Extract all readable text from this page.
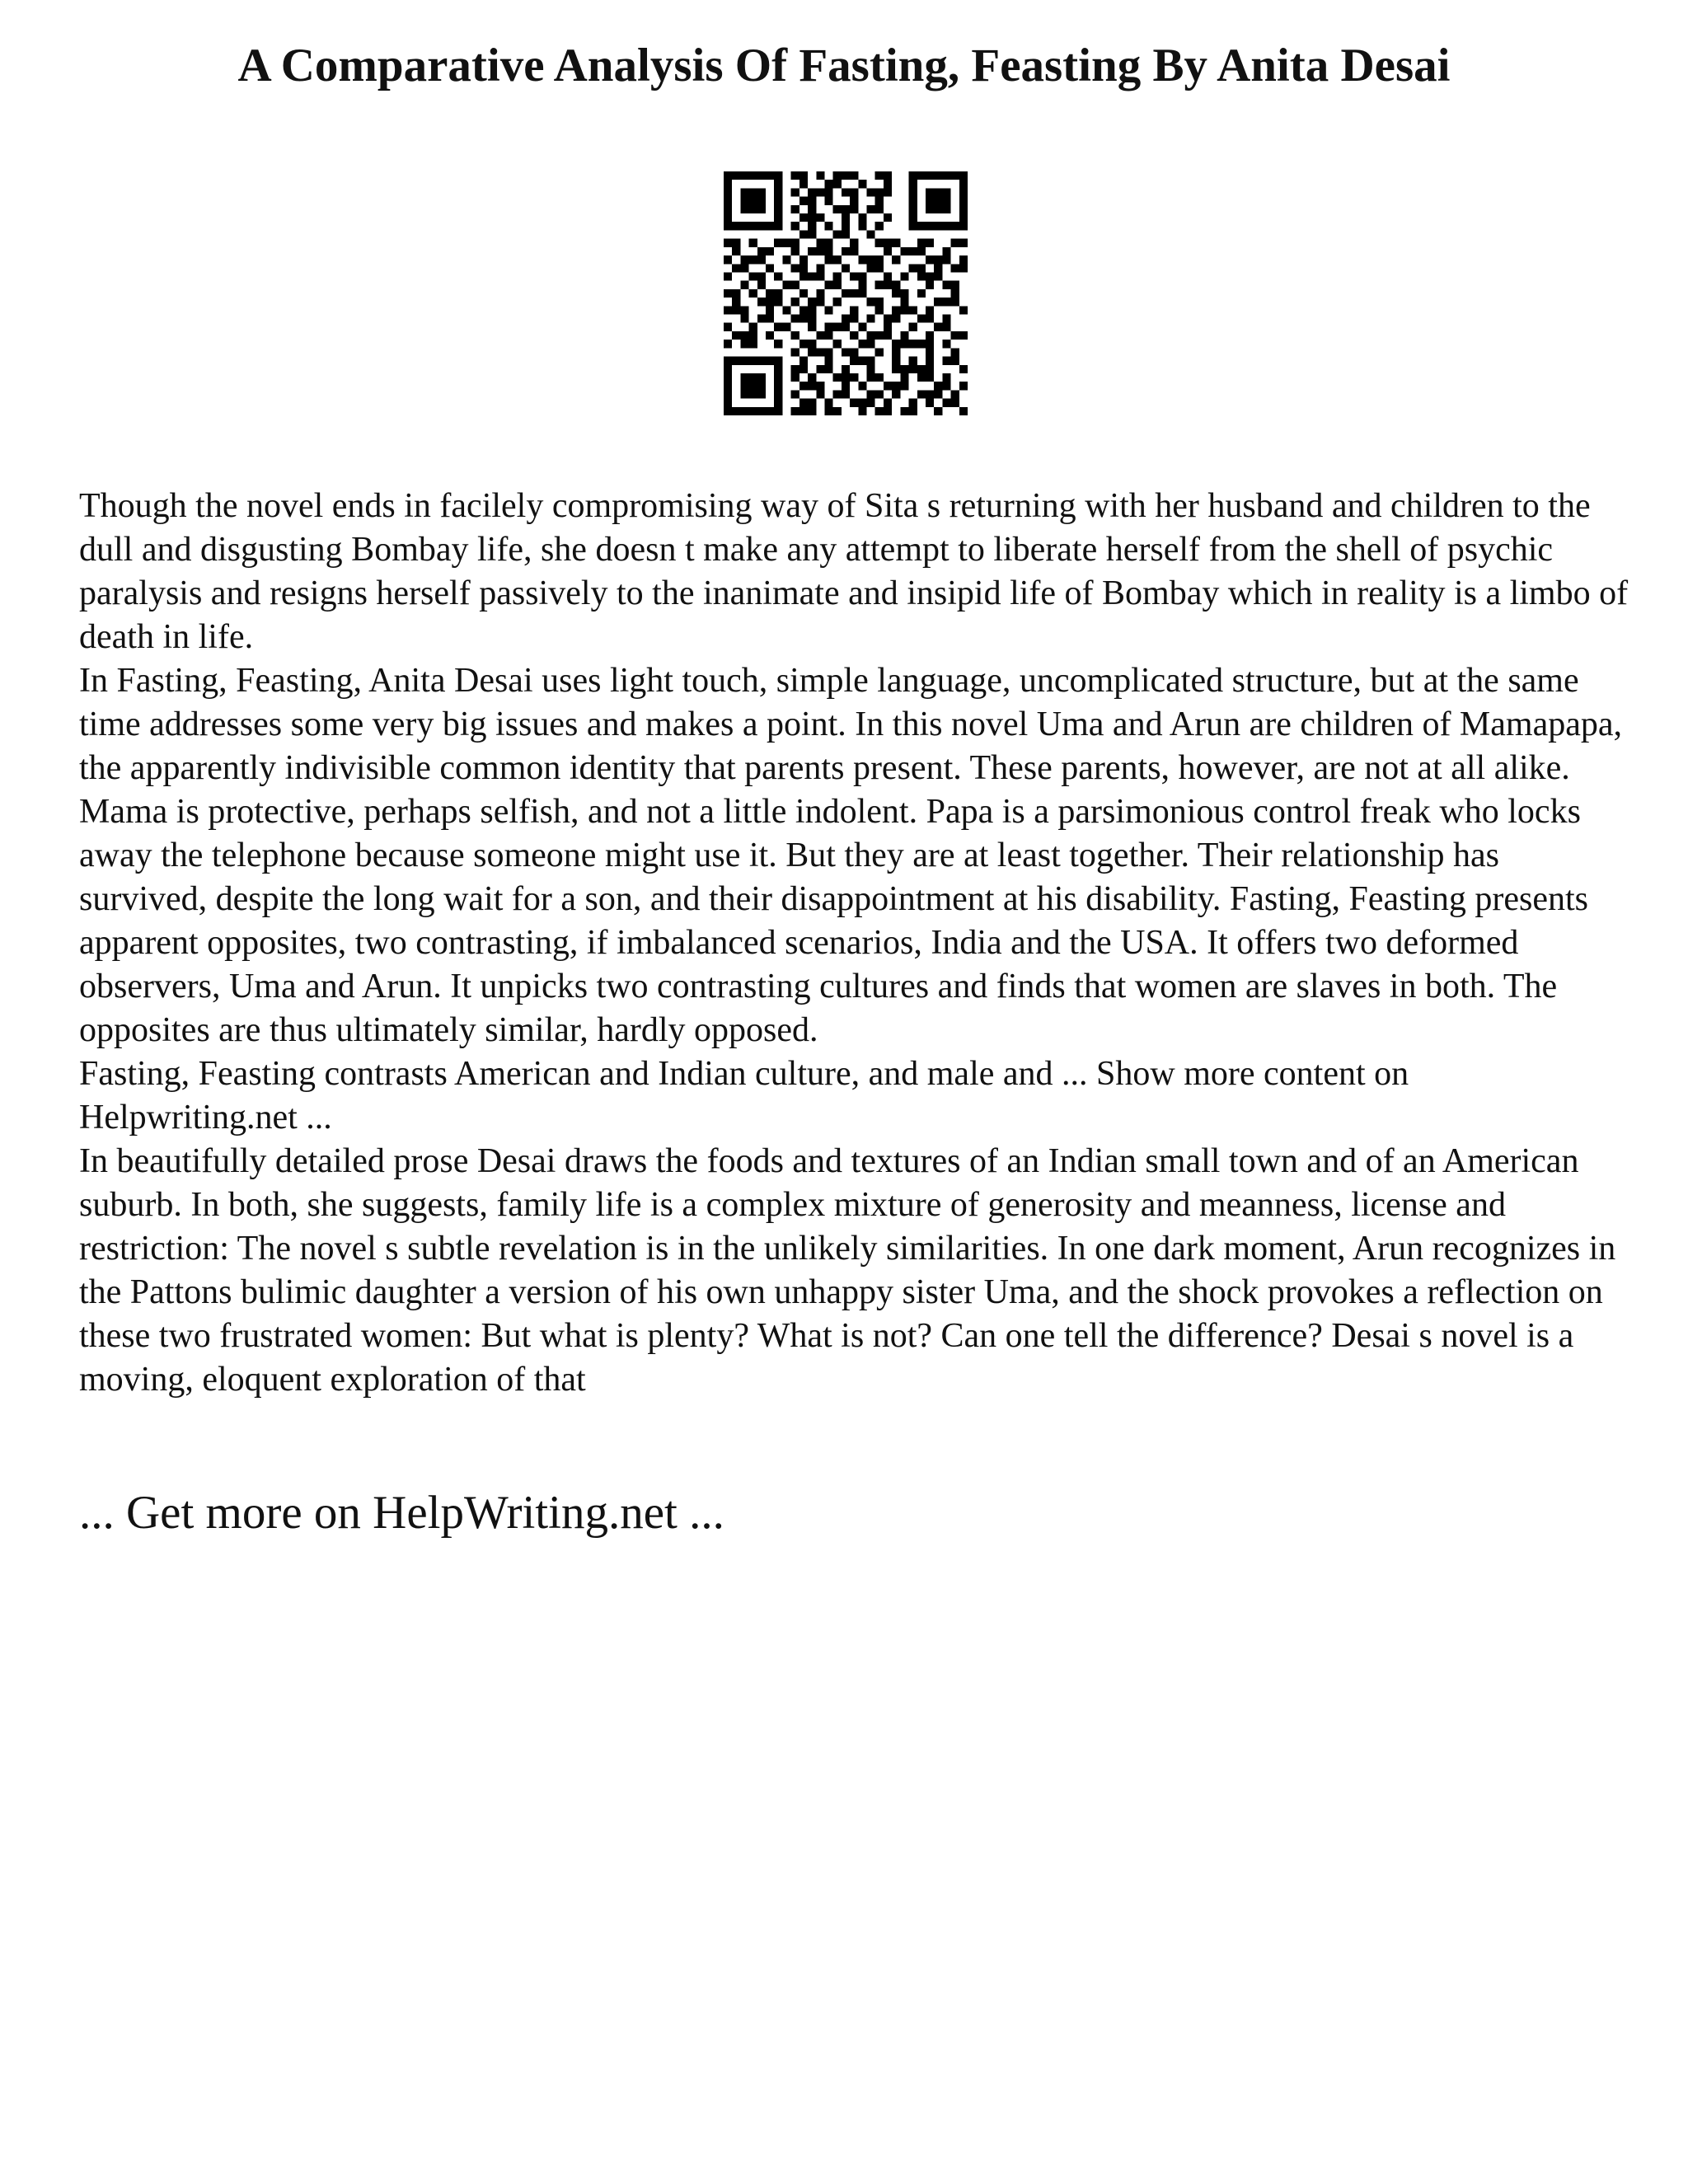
A Comparative Analysis Of Fasting, Feasting By Anita Desai

Though the novel ends in facilely compromising way of Sita s returning with her husband and children to the dull and disgusting Bombay life, she doesn t make any attempt to liberate herself from the shell of psychic paralysis and resigns herself passively to the inanimate and insipid life of Bombay which in reality is a limbo of death in life.

In Fasting, Feasting, Anita Desai uses light touch, simple language, uncomplicated structure, but at the same time addresses some very big issues and makes a point. In this novel Uma and Arun are children of Mamapapa, the apparently indivisible common identity that parents present. These parents, however, are not at all alike. Mama is protective, perhaps selfish, and not a little indolent. Papa is a parsimonious control freak who locks away the telephone because someone might use it. But they are at least together. Their relationship has survived, despite the long wait for a son, and their disappointment at his disability. Fasting, Feasting presents apparent opposites, two contrasting, if imbalanced scenarios, India and the USA. It offers two deformed observers, Uma and Arun. It unpicks two contrasting cultures and finds that women are slaves in both. The opposites are thus ultimately similar, hardly opposed.

Fasting, Feasting contrasts American and Indian culture, and male and ... Show more content on Helpwriting.net ...

In beautifully detailed prose Desai draws the foods and textures of an Indian small town and of an American suburb. In both, she suggests, family life is a complex mixture of generosity and meanness, license and restriction: The novel s subtle revelation is in the unlikely similarities. In one dark moment, Arun recognizes in the Pattons bulimic daughter a version of his own unhappy sister Uma, and the shock provokes a reflection on these two frustrated women: But what is plenty? What is not? Can one tell the difference? Desai s novel is a moving, eloquent exploration of that

... Get more on HelpWriting.net ...
